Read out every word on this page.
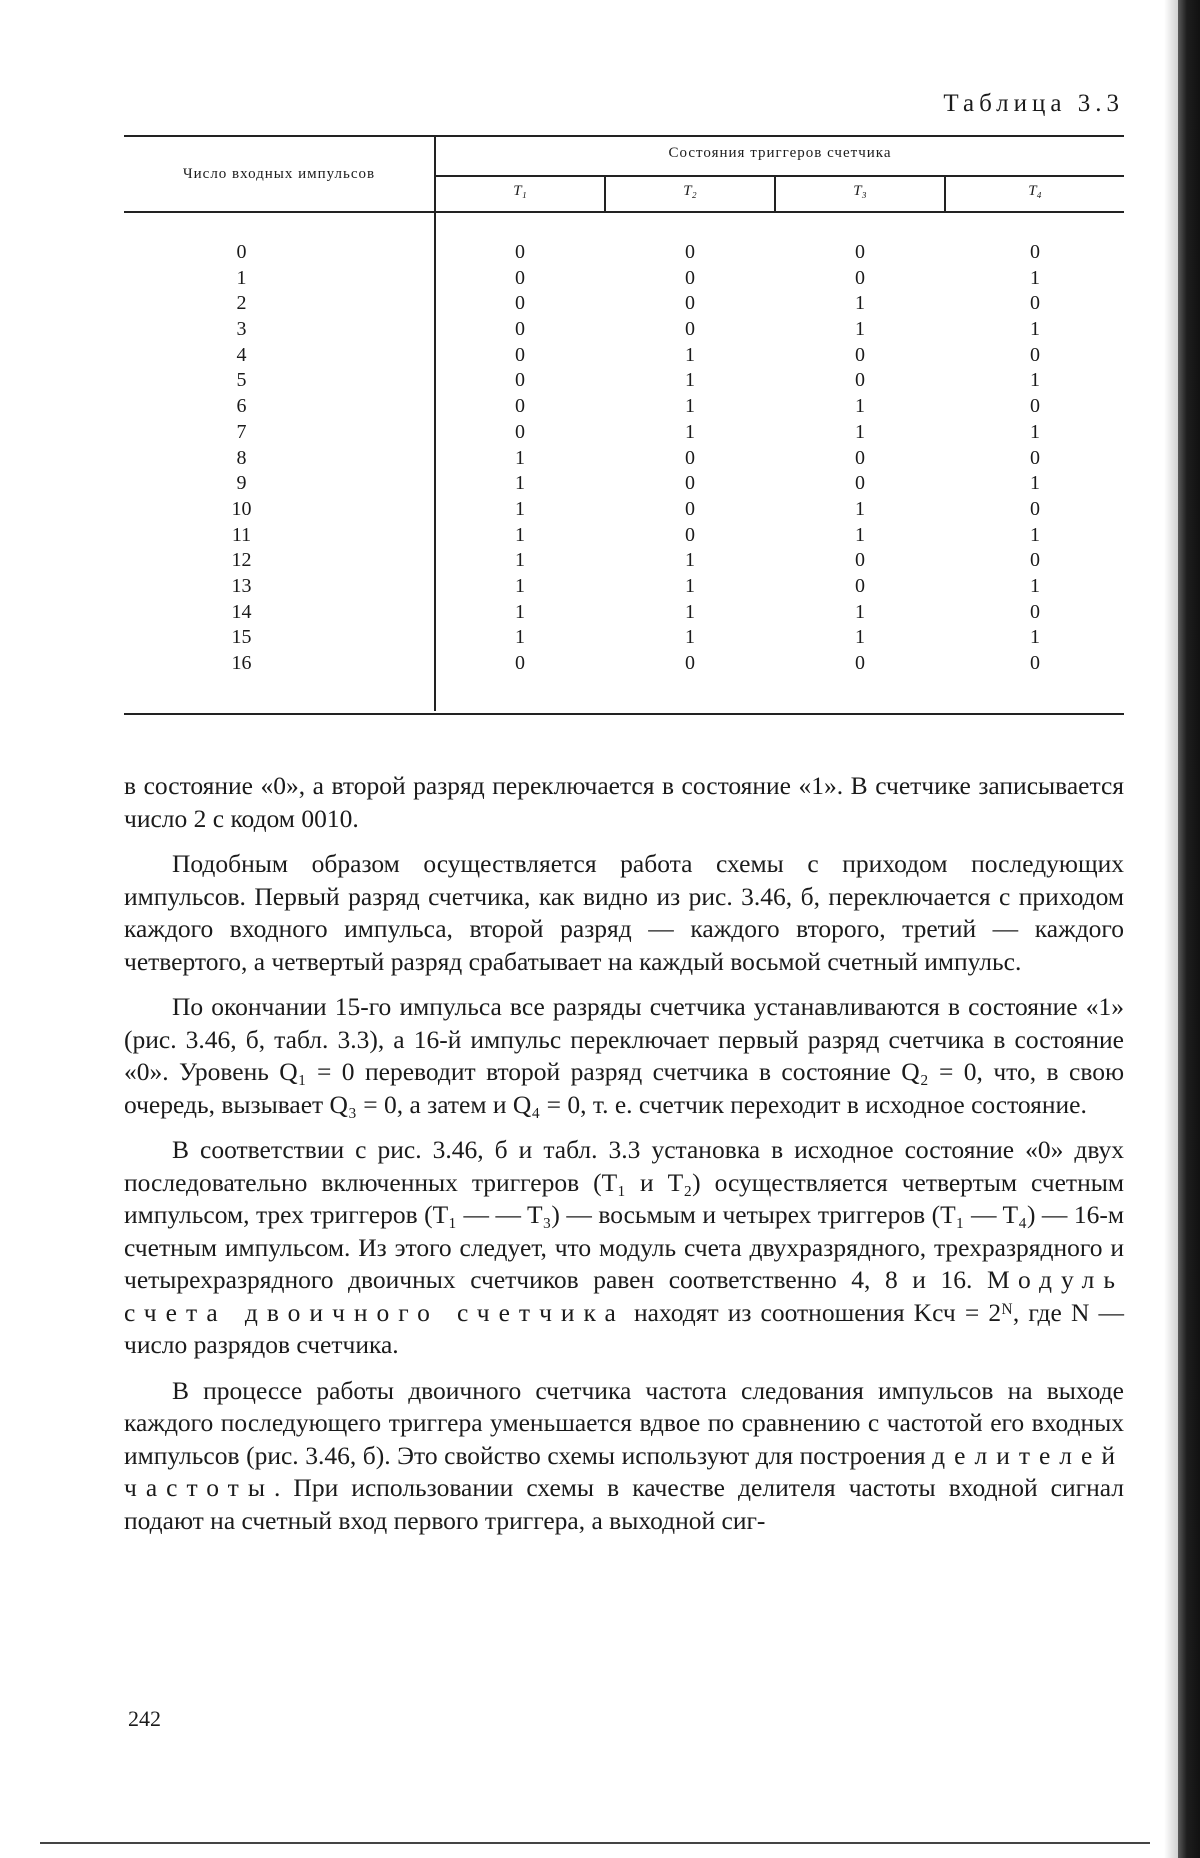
Таблица 3.3
Число входных импульсов
Состояния триггеров счетчика
T₁	T₂	T₃	T₄
0
1
2
3
4
5
6
7
8
9
10
11
12
13
14
15
16
0
0
0
0
0
0
0
0
1
1
1
1
1
1
1
1
0
0
0
0
0
1
1
1
1
0
0
0
0
1
1
1
1
0
0
0
1
1
0
0
1
1
0
0
1
1
0
0
1
1
0
0
1
0
1
0
1
0
1
0
1
0
1
0
1
0
1
0

в состояние «0», а второй разряд переключается в состояние «1». В счетчике записывается число 2 с кодом 0010.

Подобным образом осуществляется работа схемы с приходом последующих импульсов. Первый разряд счетчика, как видно из рис. 3.46, б, переключается с приходом каждого входного импульса, второй разряд — каждого второго, третий — каждого четвертого, а четвертый разряд срабатывает на каждый восьмой счетный импульс.

По окончании 15-го импульса все разряды счетчика устанавливаются в состояние «1» (рис. 3.46, б, табл. 3.3), а 16-й импульс переключает первый разряд счетчика в состояние «0». Уровень Q₁ = 0 переводит второй разряд счетчика в состояние Q₂ = 0, что, в свою очередь, вызывает Q₃ = 0, а затем и Q₄ = 0, т. е. счетчик переходит в исходное состояние.

В соответствии с рис. 3.46, б и табл. 3.3 установка в исходное состояние «0» двух последовательно включенных триггеров (T₁ и T₂) осуществляется четвертым счетным импульсом, трех триггеров (T₁ — — T₃) — восьмым и четырех триггеров (T₁ — T₄) — 16-м счетным импульсом. Из этого следует, что модуль счета двухразрядного, трехразрядного и четырехразрядного двоичных счетчиков равен соответственно 4, 8 и 16. Модуль счета двоичного счетчика находят из соотношения Kсч = 2ᴺ, где N — число разрядов счетчика.

В процессе работы двоичного счетчика частота следования импульсов на выходе каждого последующего триггера уменьшается вдвое по сравнению с частотой его входных импульсов (рис. 3.46, б). Это свойство схемы используют для построения делителей частоты. При использовании схемы в качестве делителя частоты входной сигнал подают на счетный вход первого триггера, а выходной сиг-

242
